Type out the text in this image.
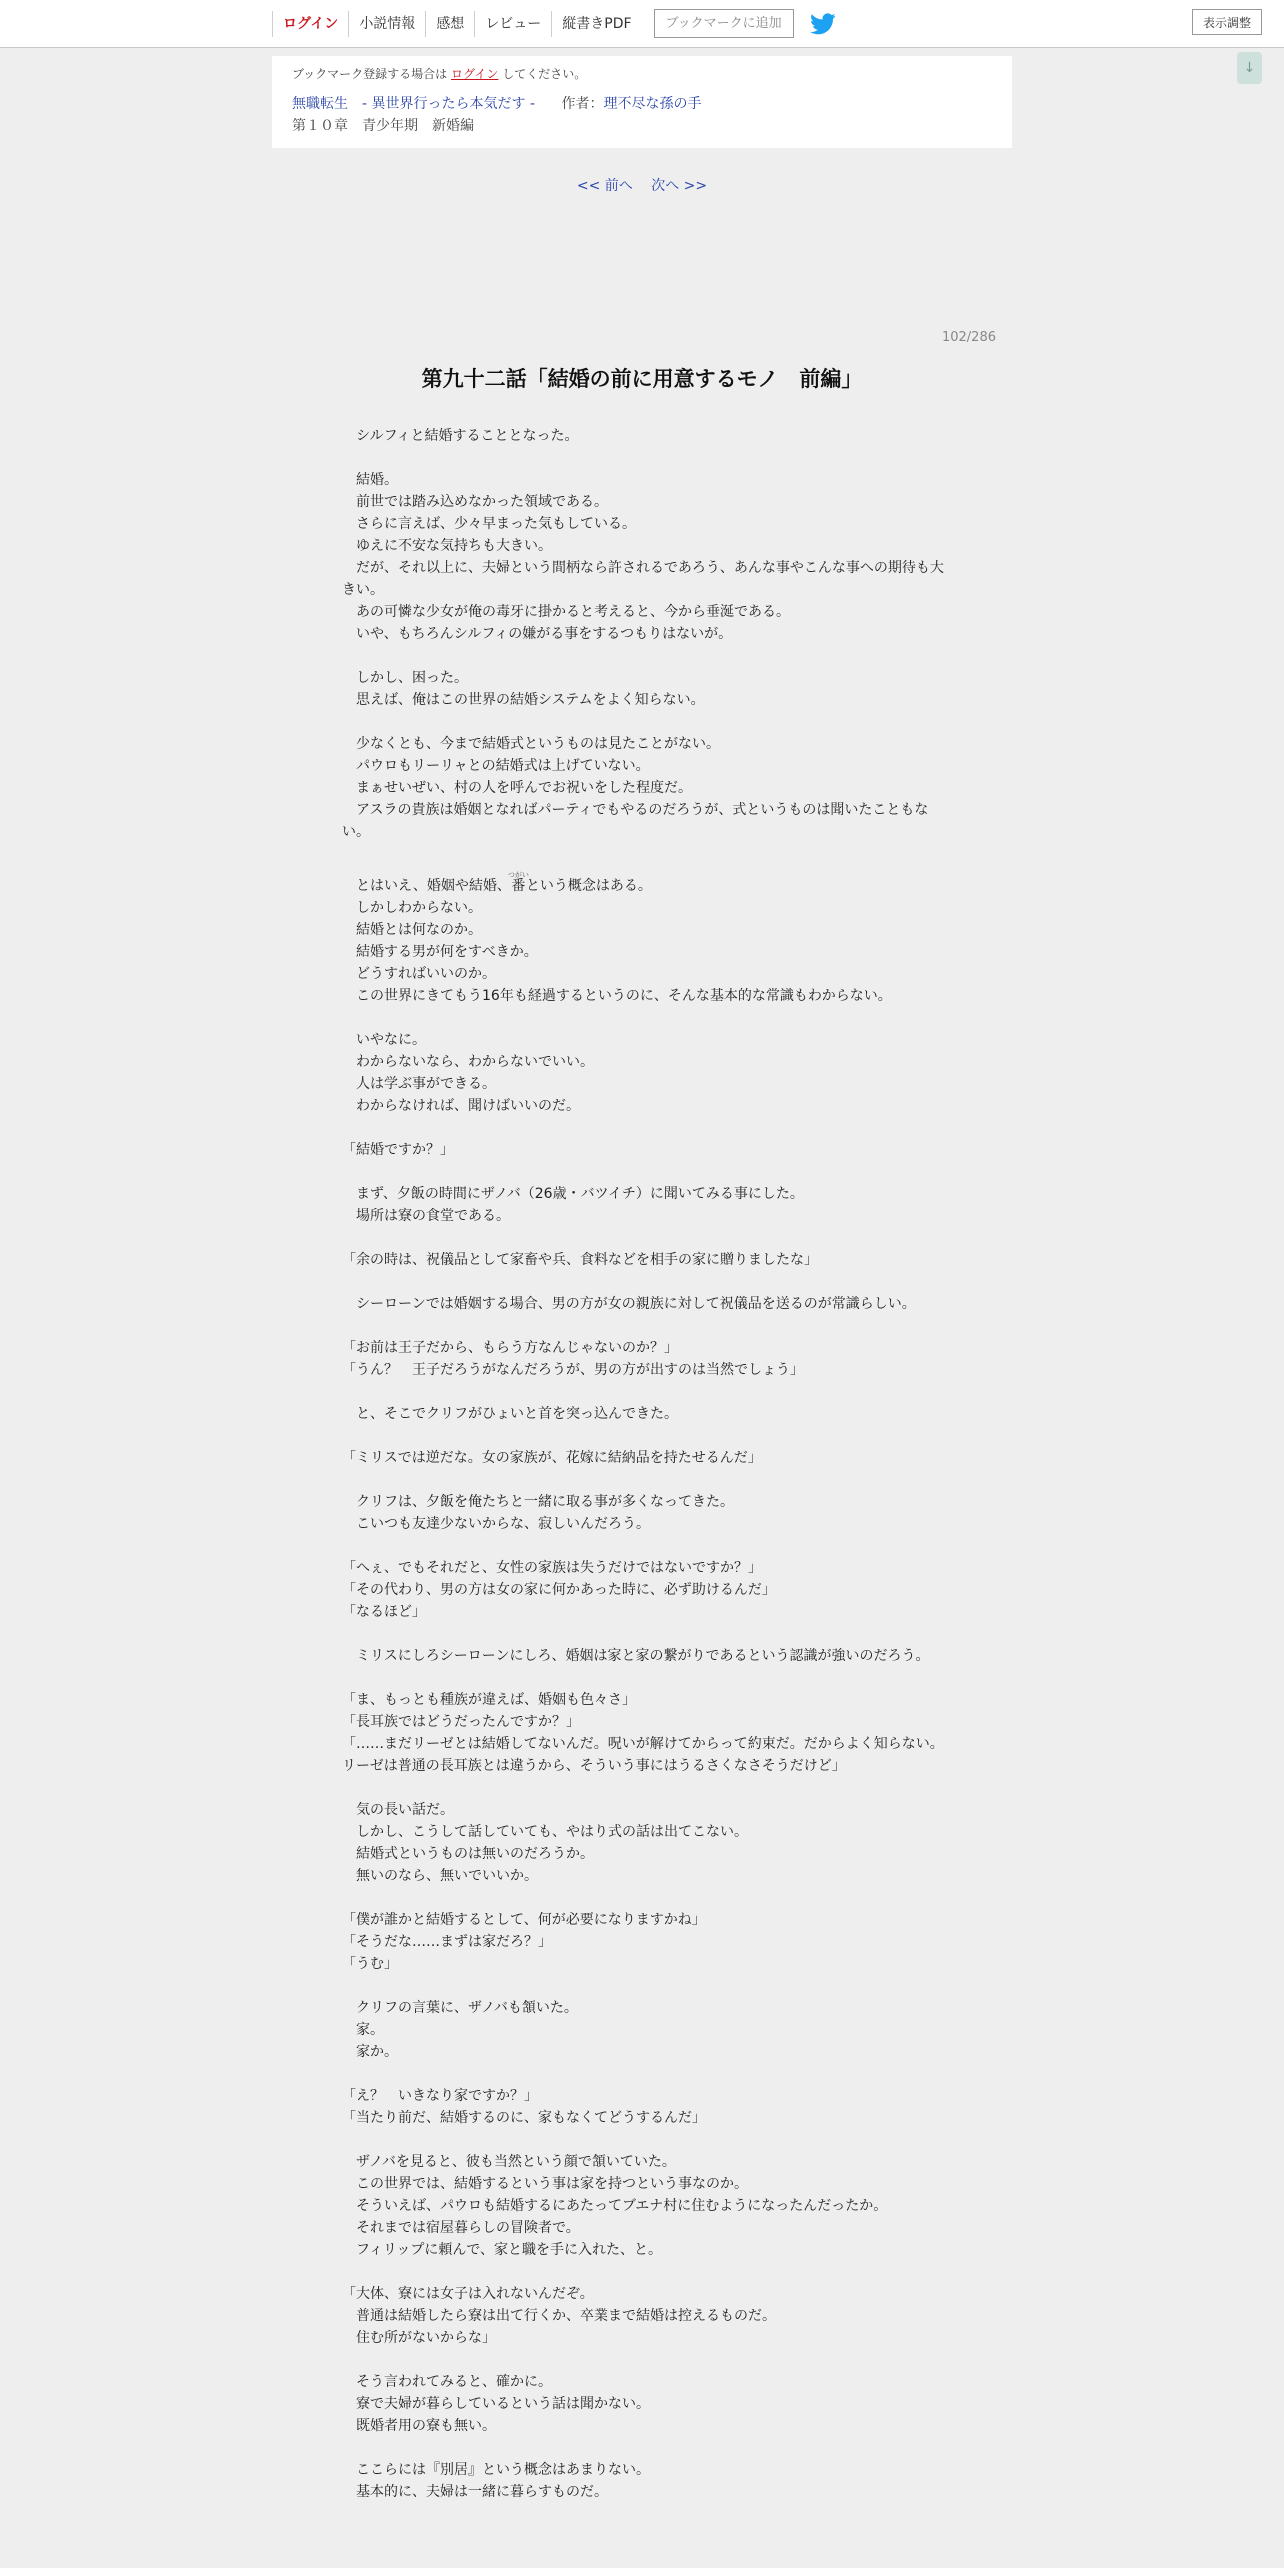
ログイン	小説情報	感想	レビュー	縦書きPDF	ブックマークに追加	表示調整
↓
ブックマーク登録する場合は ログイン してください。
無職転生　- 異世界行ったら本気だす - 作者：理不尽な孫の手
第１０章　青少年期　新婚編
<< 前へ 次へ >>
102/286
第九十二話「結婚の前に用意するモノ　前編」

　シルフィと結婚することとなった。

　結婚。

　前世では踏み込めなかった領域である。

　さらに言えば、少々早まった気もしている。

　ゆえに不安な気持ちも大きい。

　だが、それ以上に、夫婦という間柄なら許されるであろう、あんな事やこんな事への期待も大きい。

　あの可憐な少女が俺の毒牙に掛かると考えると、今から垂涎である。

　いや、もちろんシルフィの嫌がる事をするつもりはないが。

　しかし、困った。

　思えば、俺はこの世界の結婚システムをよく知らない。

　少なくとも、今まで結婚式というものは見たことがない。

　パウロもリーリャとの結婚式は上げていない。

　まぁせいぜい、村の人を呼んでお祝いをした程度だ。

　アスラの貴族は婚姻となればパーティでもやるのだろうが、式というものは聞いたこともない。

　とはいえ、婚姻や結婚、番つがいという概念はある。

　しかしわからない。

　結婚とは何なのか。

　結婚する男が何をすべきか。

　どうすればいいのか。

　この世界にきてもう16年も経過するというのに、そんな基本的な常識もわからない。

　いやなに。

　わからないなら、わからないでいい。

　人は学ぶ事ができる。

　わからなければ、聞けばいいのだ。

「結婚ですか？」

　まず、夕飯の時間にザノバ（26歳・バツイチ）に聞いてみる事にした。

　場所は寮の食堂である。

「余の時は、祝儀品として家畜や兵、食料などを相手の家に贈りましたな」

　シーローンでは婚姻する場合、男の方が女の親族に対して祝儀品を送るのが常識らしい。

「お前は王子だから、もらう方なんじゃないのか？」

「うん？　王子だろうがなんだろうが、男の方が出すのは当然でしょう」

　と、そこでクリフがひょいと首を突っ込んできた。

「ミリスでは逆だな。女の家族が、花嫁に結納品を持たせるんだ」

　クリフは、夕飯を俺たちと一緒に取る事が多くなってきた。

　こいつも友達少ないからな、寂しいんだろう。

「へぇ、でもそれだと、女性の家族は失うだけではないですか？」

「その代わり、男の方は女の家に何かあった時に、必ず助けるんだ」

「なるほど」

　ミリスにしろシーローンにしろ、婚姻は家と家の繋がりであるという認識が強いのだろう。

「ま、もっとも種族が違えば、婚姻も色々さ」

「長耳族ではどうだったんですか？」

「……まだリーゼとは結婚してないんだ。呪いが解けてからって約束だ。だからよく知らない。リーゼは普通の長耳族とは違うから、そういう事にはうるさくなさそうだけど」

　気の長い話だ。

　しかし、こうして話していても、やはり式の話は出てこない。

　結婚式というものは無いのだろうか。

　無いのなら、無いでいいか。

「僕が誰かと結婚するとして、何が必要になりますかね」

「そうだな……まずは家だろ？」

「うむ」

　クリフの言葉に、ザノバも頷いた。

　家。

　家か。

「え？　いきなり家ですか？」

「当たり前だ、結婚するのに、家もなくてどうするんだ」

　ザノバを見ると、彼も当然という顔で頷いていた。

　この世界では、結婚するという事は家を持つという事なのか。

　そういえば、パウロも結婚するにあたってブエナ村に住むようになったんだったか。

　それまでは宿屋暮らしの冒険者で。

　フィリップに頼んで、家と職を手に入れた、と。

「大体、寮には女子は入れないんだぞ。

　普通は結婚したら寮は出て行くか、卒業まで結婚は控えるものだ。

　住む所がないからな」

　そう言われてみると、確かに。

　寮で夫婦が暮らしているという話は聞かない。

　既婚者用の寮も無い。

　ここらには『別居』という概念はあまりない。

　基本的に、夫婦は一緒に暮らすものだ。
